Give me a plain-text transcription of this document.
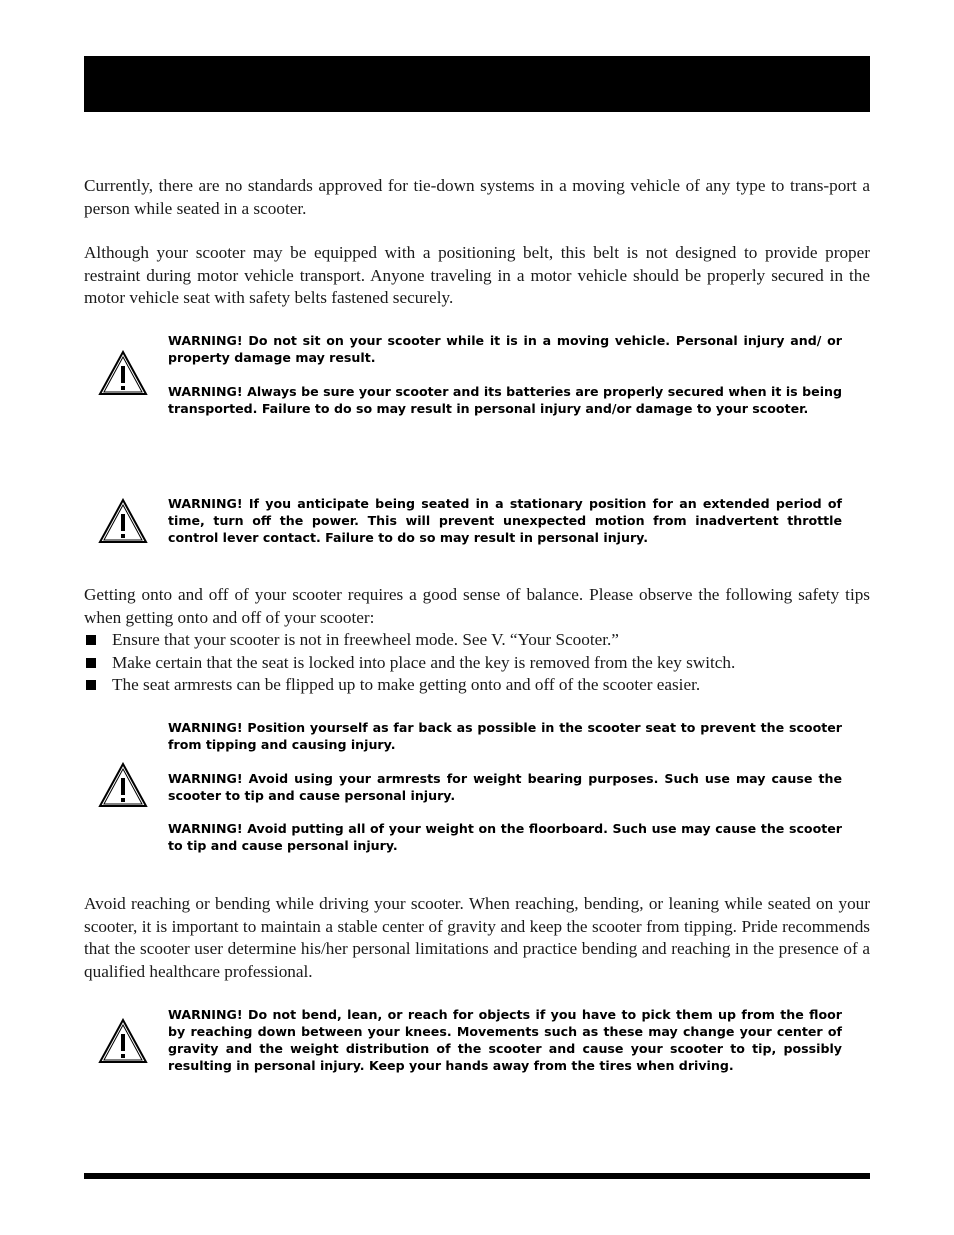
Currently, there are no standards approved for tie-down systems in a moving vehicle of any type to trans-port a person while seated in a scooter.

Although your scooter may be equipped with a positioning belt, this belt is not designed to provide proper restraint during motor vehicle transport. Anyone traveling in a motor vehicle should be properly secured in the motor vehicle seat with safety belts fastened securely.

WARNING! Do not sit on your scooter while it is in a moving vehicle. Personal injury and/ or property damage may result.

WARNING! Always be sure your scooter and its batteries are properly secured when it is being transported. Failure to do so may result in personal injury and/or damage to your scooter.

WARNING! If you anticipate being seated in a stationary position for an extended period of time, turn off the power. This will prevent unexpected motion from inadvertent throttle control lever contact. Failure to do so may result in personal injury.

Getting onto and off of your scooter requires a good sense of balance. Please observe the following safety tips when getting onto and off of your scooter:

Ensure that your scooter is not in freewheel mode. See V. “Your Scooter.”
Make certain that the seat is locked into place and the key is removed from the key switch.
The seat armrests can be flipped up to make getting onto and off of the scooter easier.

WARNING! Position yourself as far back as possible in the scooter seat to prevent the scooter from tipping and causing injury.

WARNING! Avoid using your armrests for weight bearing purposes. Such use may cause the scooter to tip and cause personal injury.

WARNING! Avoid putting all of your weight on the floorboard. Such use may cause the scooter to tip and cause personal injury.

Avoid reaching or bending while driving your scooter. When reaching, bending, or leaning while seated on your scooter, it is important to maintain a stable center of gravity and keep the scooter from tipping. Pride recommends that the scooter user determine his/her personal limitations and practice bending and reaching in the presence of a qualified healthcare professional.

WARNING! Do not bend, lean, or reach for objects if you have to pick them up from the floor by reaching down between your knees. Movements such as these may change your center of gravity and the weight distribution of the scooter and cause your scooter to tip, possibly resulting in personal injury. Keep your hands away from the tires when driving.
